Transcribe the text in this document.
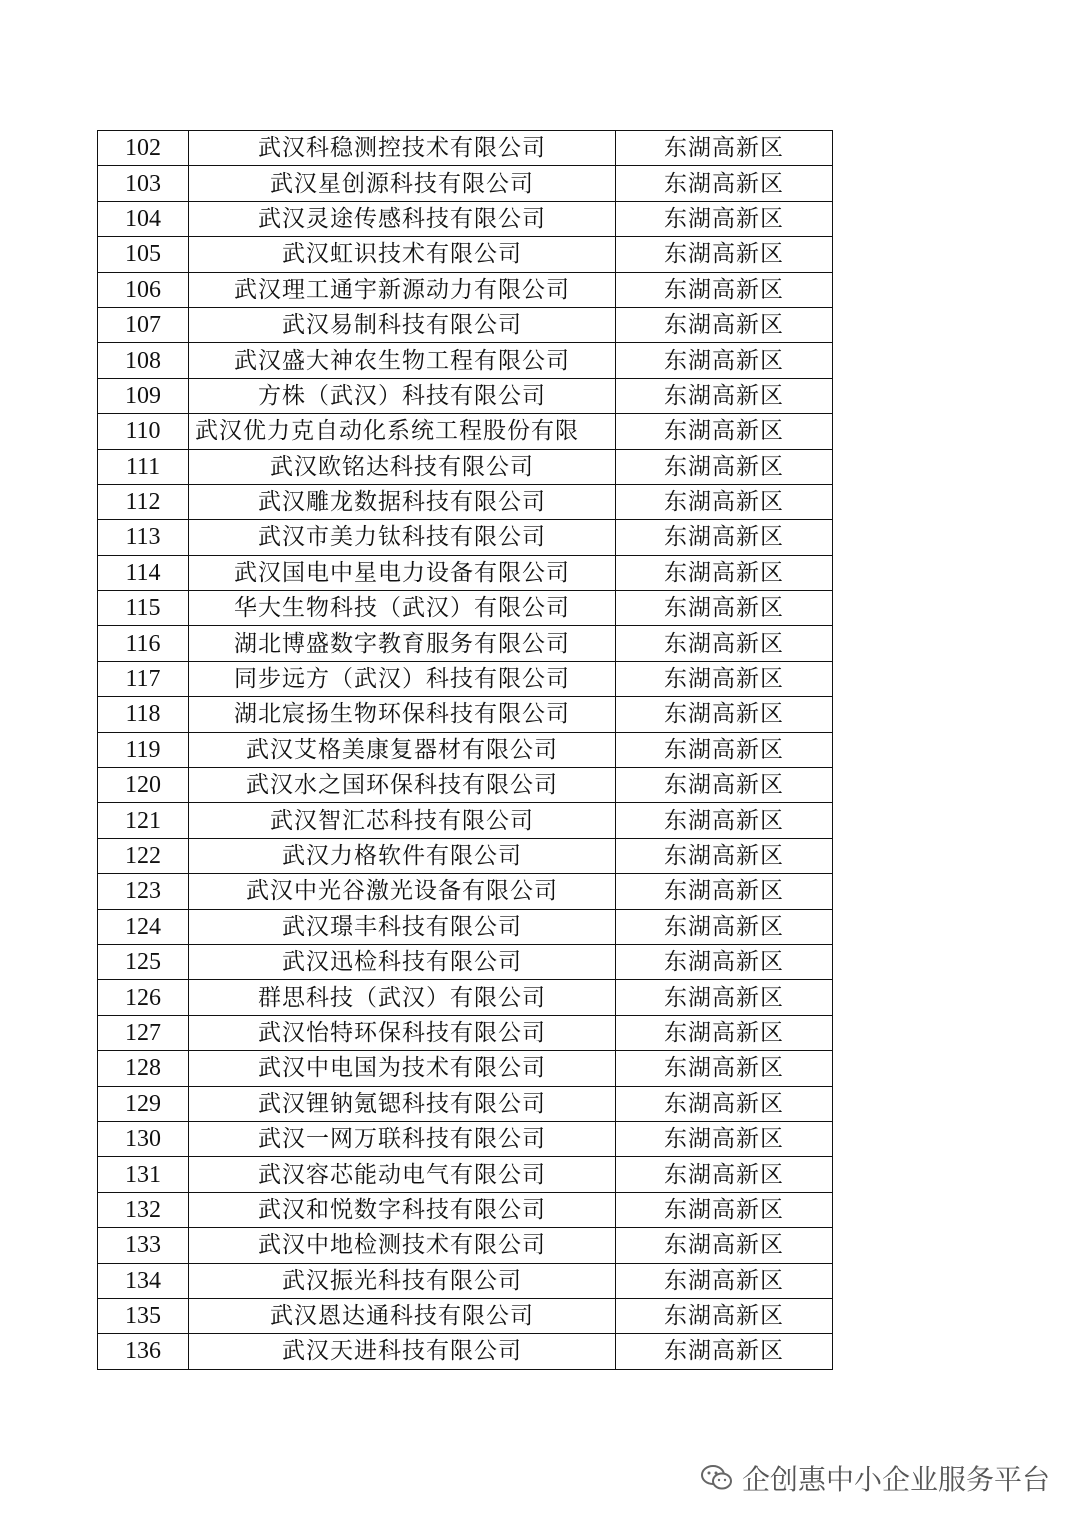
102	武汉科稳测控技术有限公司	东湖高新区
103	武汉星创源科技有限公司	东湖高新区
104	武汉灵途传感科技有限公司	东湖高新区
105	武汉虹识技术有限公司	东湖高新区
106	武汉理工通宇新源动力有限公司	东湖高新区
107	武汉易制科技有限公司	东湖高新区
108	武汉盛大神农生物工程有限公司	东湖高新区
109	方株（武汉）科技有限公司	东湖高新区
110	武汉优力克自动化系统工程股份有限	东湖高新区
111	武汉欧铭达科技有限公司	东湖高新区
112	武汉雕龙数据科技有限公司	东湖高新区
113	武汉市美力钛科技有限公司	东湖高新区
114	武汉国电中星电力设备有限公司	东湖高新区
115	华大生物科技（武汉）有限公司	东湖高新区
116	湖北博盛数字教育服务有限公司	东湖高新区
117	同步远方（武汉）科技有限公司	东湖高新区
118	湖北宸扬生物环保科技有限公司	东湖高新区
119	武汉艾格美康复器材有限公司	东湖高新区
120	武汉水之国环保科技有限公司	东湖高新区
121	武汉智汇芯科技有限公司	东湖高新区
122	武汉力格软件有限公司	东湖高新区
123	武汉中光谷激光设备有限公司	东湖高新区
124	武汉璟丰科技有限公司	东湖高新区
125	武汉迅检科技有限公司	东湖高新区
126	群思科技（武汉）有限公司	东湖高新区
127	武汉怡特环保科技有限公司	东湖高新区
128	武汉中电国为技术有限公司	东湖高新区
129	武汉锂钠氪锶科技有限公司	东湖高新区
130	武汉一网万联科技有限公司	东湖高新区
131	武汉容芯能动电气有限公司	东湖高新区
132	武汉和悦数字科技有限公司	东湖高新区
133	武汉中地检测技术有限公司	东湖高新区
134	武汉振光科技有限公司	东湖高新区
135	武汉恩达通科技有限公司	东湖高新区
136	武汉天进科技有限公司	东湖高新区
企创惠中小企业服务平台
